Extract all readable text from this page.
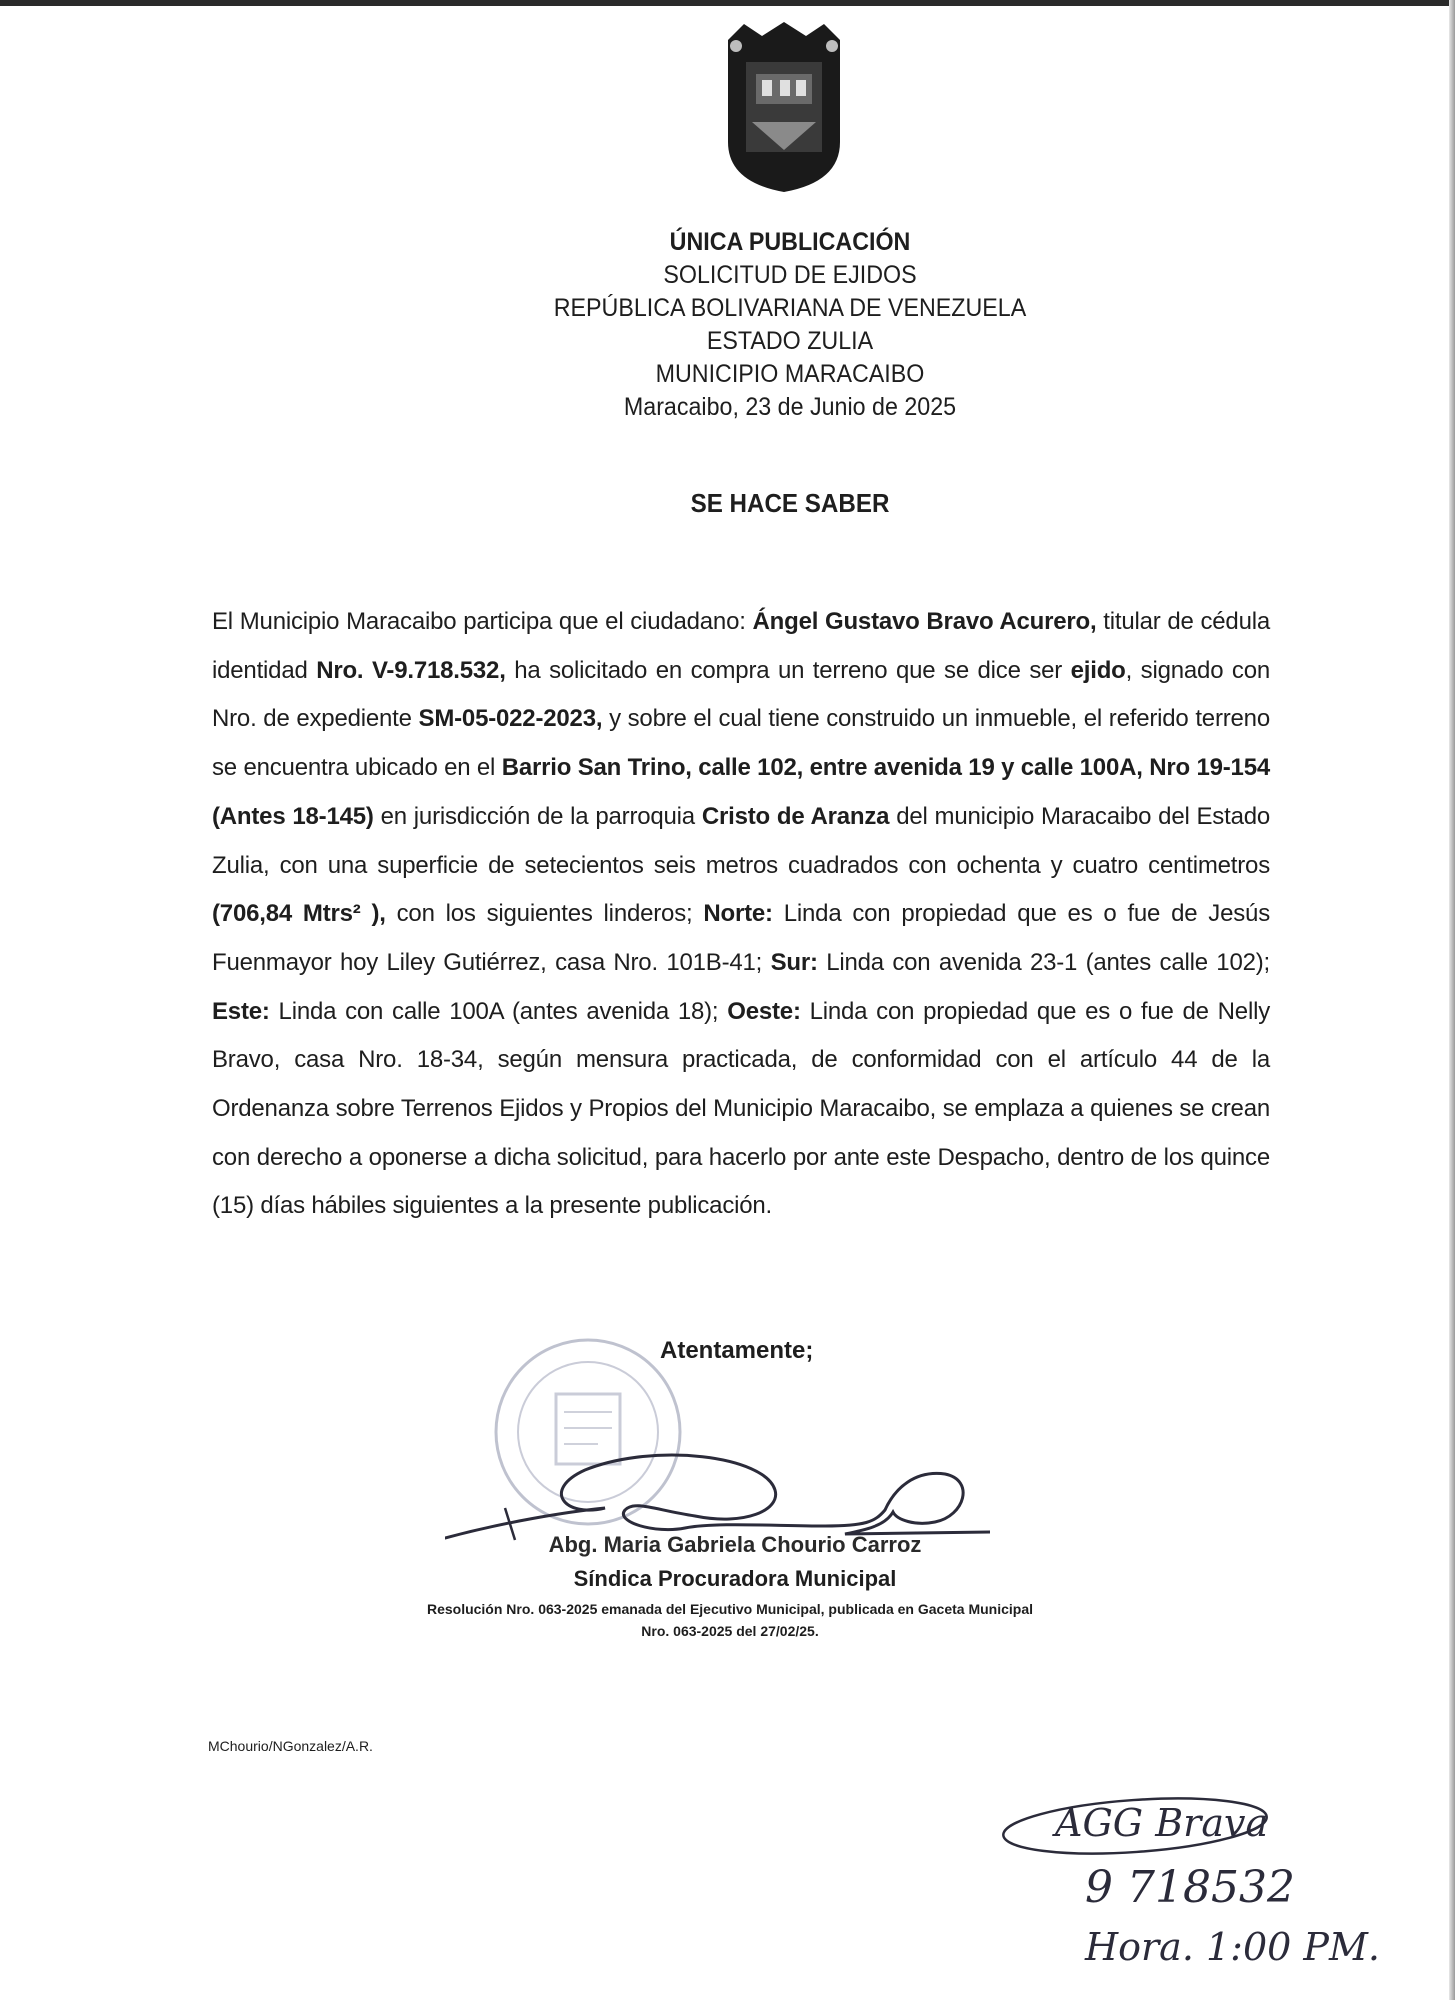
ÚNICA PUBLICACIÓN
SOLICITUD DE EJIDOS
REPÚBLICA BOLIVARIANA DE VENEZUELA
ESTADO ZULIA
MUNICIPIO MARACAIBO
Maracaibo, 23 de Junio de 2025
SE HACE SABER
El Municipio Maracaibo participa que el ciudadano: Ángel Gustavo Bravo Acurero, titular de cédula identidad Nro. V-9.718.532, ha solicitado en compra un terreno que se dice ser ejido, signado con Nro. de expediente SM-05-022-2023, y sobre el cual tiene construido un inmueble, el referido terreno se encuentra ubicado en el Barrio San Trino, calle 102, entre avenida 19 y calle 100A, Nro 19-154 (Antes 18-145) en jurisdicción de la parroquia Cristo de Aranza del municipio Maracaibo del Estado Zulia, con una superficie de setecientos seis metros cuadrados con ochenta y cuatro centimetros (706,84 Mtrs² ), con los siguientes linderos; Norte: Linda con propiedad que es o fue de Jesús Fuenmayor hoy Liley Gutiérrez, casa Nro. 101B-41; Sur: Linda con avenida 23-1 (antes calle 102); Este: Linda con calle 100A (antes avenida 18); Oeste: Linda con propiedad que es o fue de Nelly Bravo, casa Nro. 18-34, según mensura practicada, de conformidad con el artículo 44 de la Ordenanza sobre Terrenos Ejidos y Propios del Municipio Maracaibo, se emplaza a quienes se crean con derecho a oponerse a dicha solicitud, para hacerlo por ante este Despacho, dentro de los quince (15) días hábiles siguientes a la presente publicación.
Atentamente;
Abg. Maria Gabriela Chourio Carroz
Síndica Procuradora Municipal
Resolución Nro. 063-2025 emanada del Ejecutivo Municipal, publicada en Gaceta Municipal
Nro. 063-2025 del 27/02/25.
MChourio/NGonzalez/A.R.
AGG Brava
9 718532
Hora. 1:00 PM.
